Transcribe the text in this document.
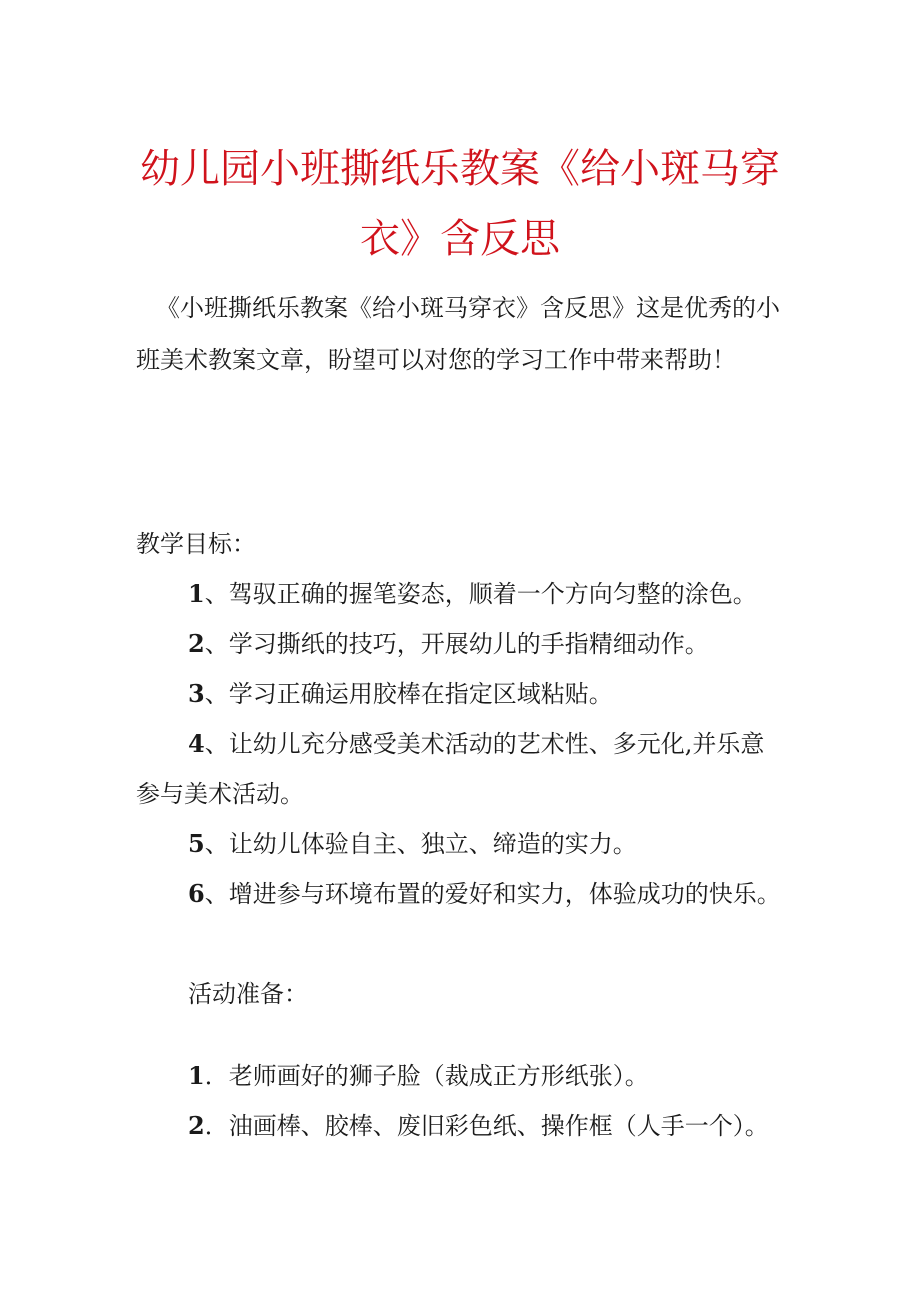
幼儿园小班撕纸乐教案《给小斑马穿
衣》含反思

《小班撕纸乐教案《给小斑马穿衣》含反思》这是优秀的小班美术教案文章，盼望可以对您的学习工作中带来帮助！

教学目标：

1、驾驭正确的握笔姿态，顺着一个方向匀整的涂色。

2、学习撕纸的技巧，开展幼儿的手指精细动作。

3、学习正确运用胶棒在指定区域粘贴。

4、让幼儿充分感受美术活动的艺术性、多元化,并乐意

参与美术活动。

5、让幼儿体验自主、独立、缔造的实力。

6、增进参与环境布置的爱好和实力，体验成功的快乐。

活动准备：

1．老师画好的狮子脸（裁成正方形纸张）。

2．油画棒、胶棒、废旧彩色纸、操作框（人手一个）。
